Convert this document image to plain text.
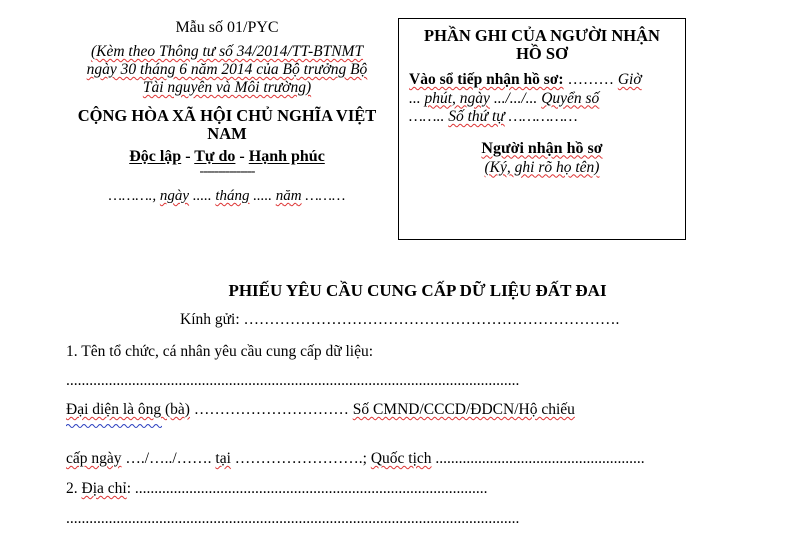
Mẫu số 01/PYC
(Kèm theo Thông tư số 34/2014/TT-BTNMT
ngày 30 tháng 6 năm 2014 của Bộ trưởng Bộ
Tài nguyên và Môi trường)
CỘNG HÒA XÃ HỘI CHỦ NGHĨA VIỆT
NAM
Độc lập - Tự do - Hạnh phúc
---------------
………., ngày ..... tháng ..... năm ………
PHẦN GHI CỦA NGƯỜI NHẬN
HỒ SƠ
Vào sổ tiếp nhận hồ sơ: ……… Giờ
... phút, ngày .../.../... Quyển số
…….. Số thứ tự ……………
Người nhận hồ sơ
(Ký, ghi rõ họ tên)
PHIẾU YÊU CẦU CUNG CẤP DỮ LIỆU ĐẤT ĐAI
Kính gửi: ……………………………………………………………….
1. Tên tổ chức, cá nhân yêu cầu cung cấp dữ liệu:
.....................................................................................................................
Đại diện là ông (bà) ………………………… Số CMND/CCCD/ĐDCN/Hộ chiếu
cấp ngày …./…../……. tại …………………….; Quốc tịch ......................................................
2. Địa chỉ: ...........................................................................................
.....................................................................................................................
